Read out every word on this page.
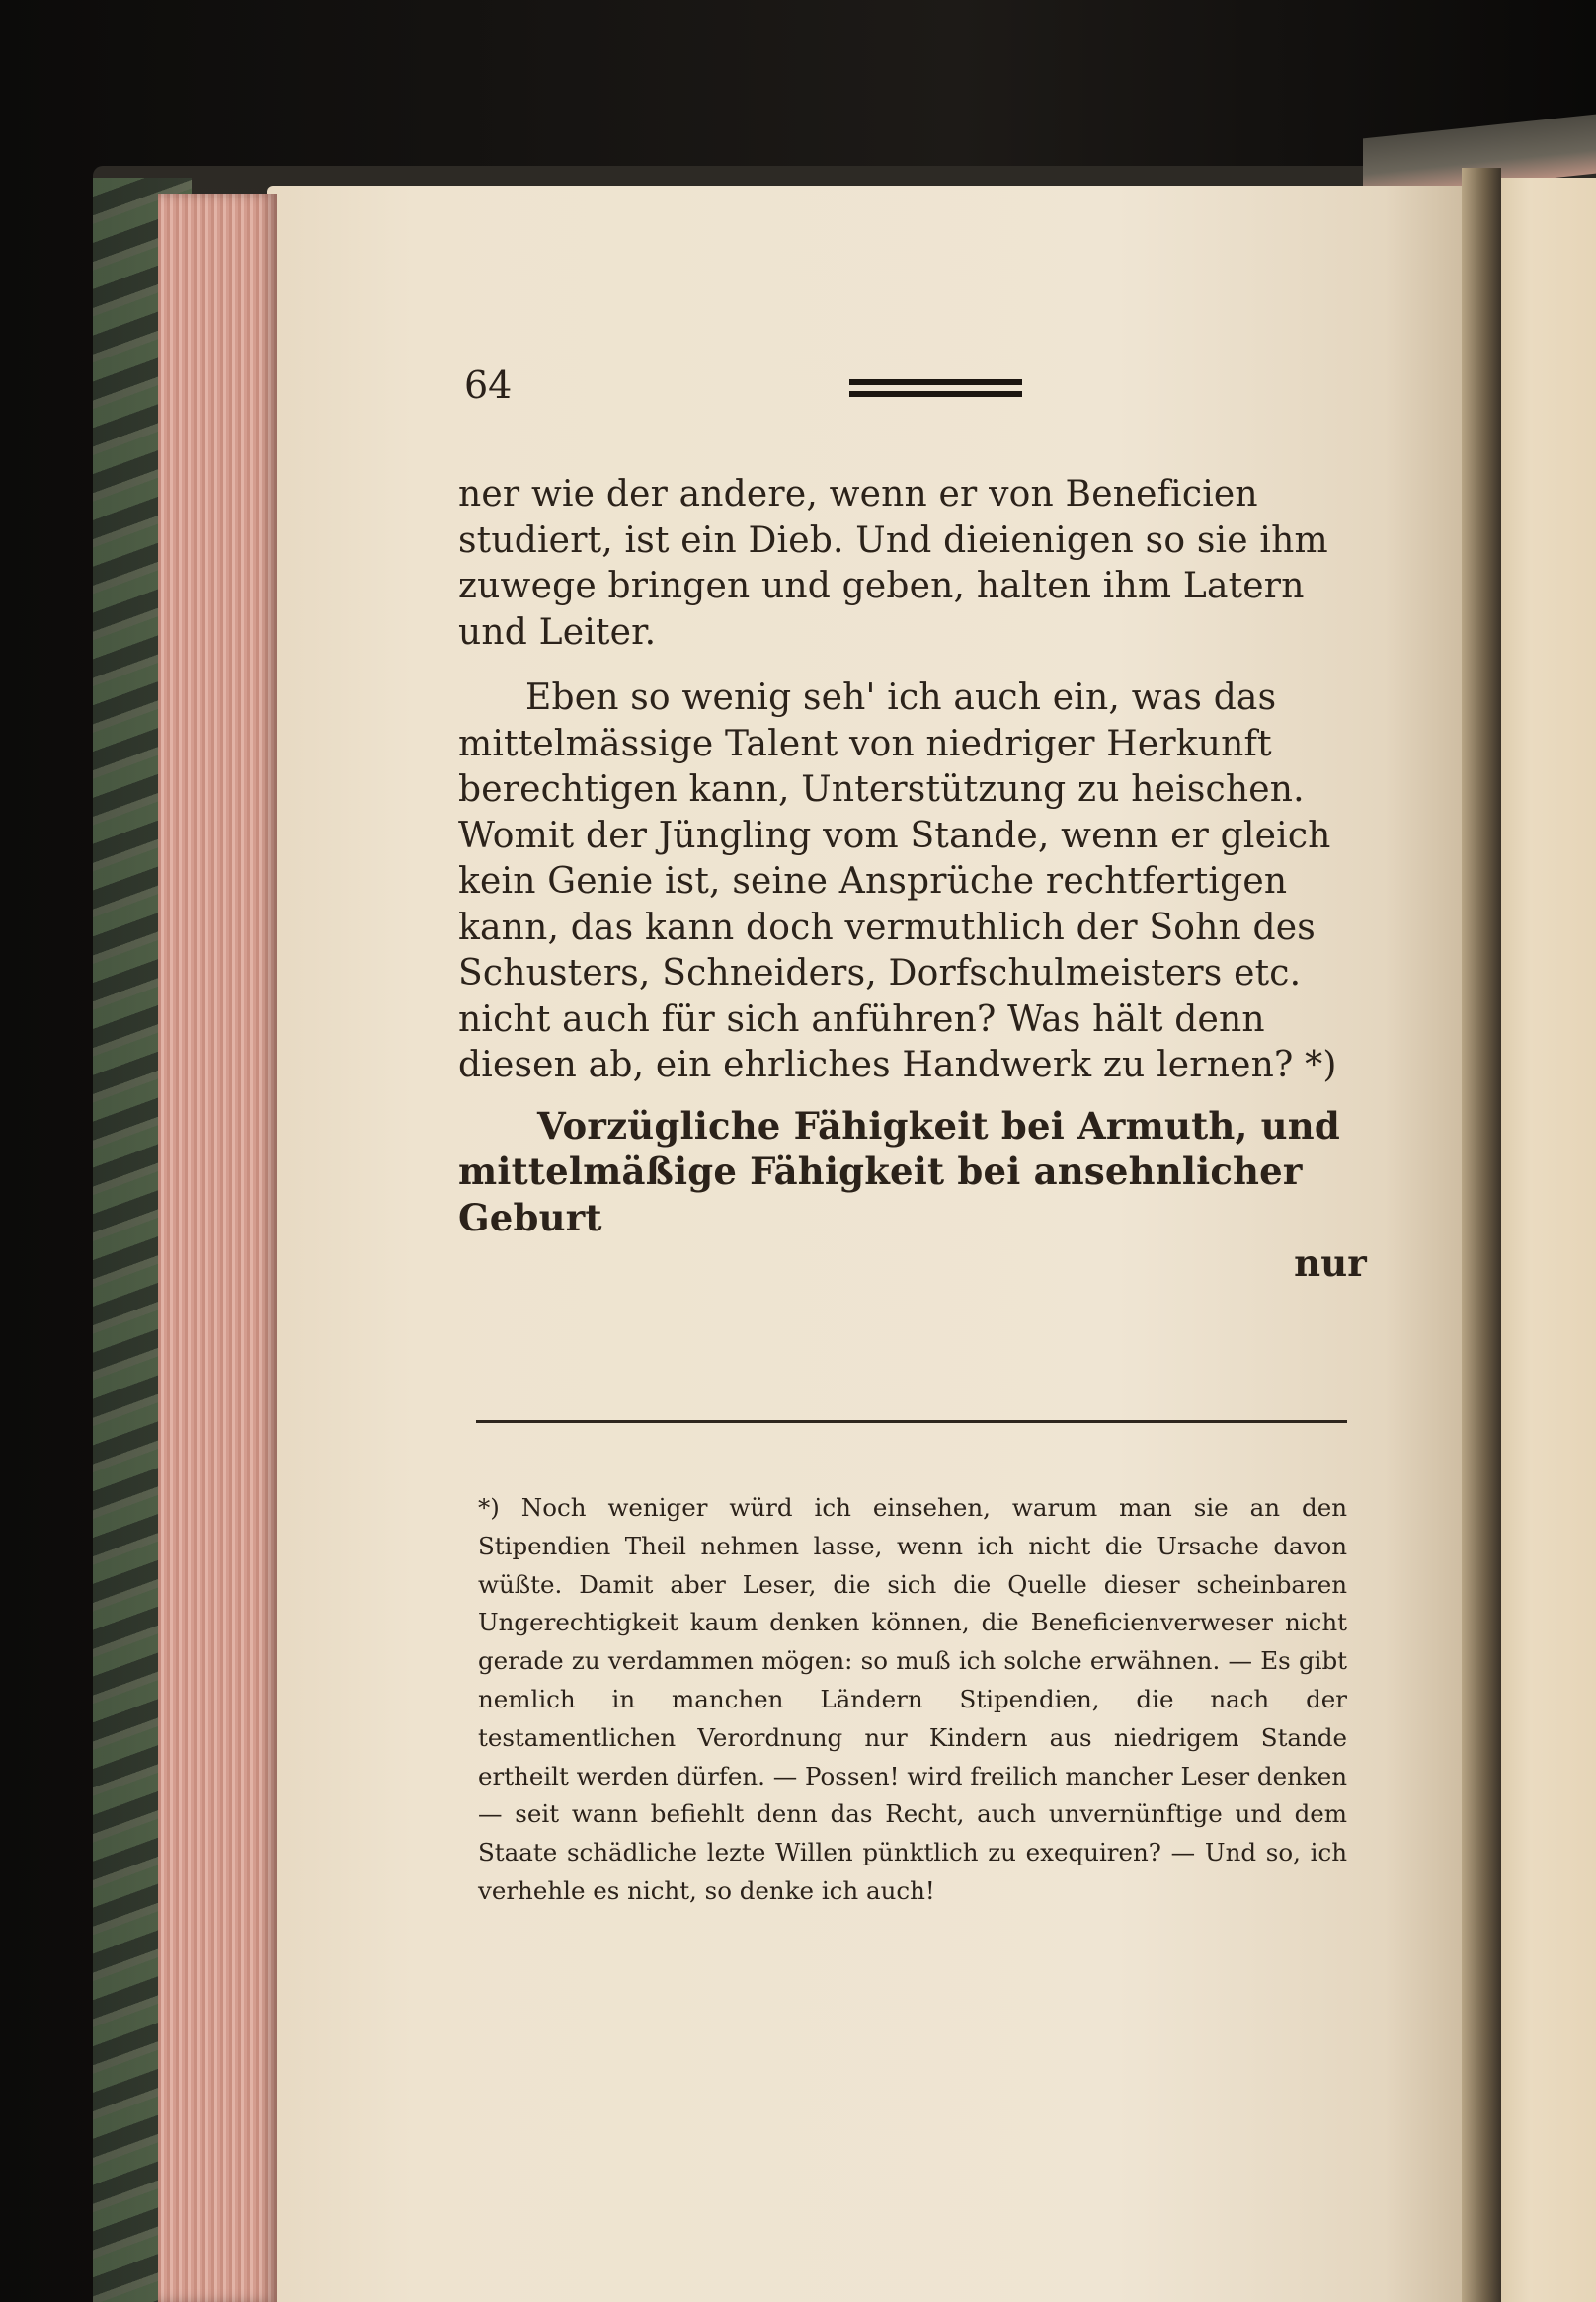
64

ner wie der andere, wenn er von Beneficien studiert, ist ein Dieb. Und dieienigen so sie ihm zuwege bringen und geben, halten ihm Latern und Leiter.

Eben so wenig seh' ich auch ein, was das mittelmässige Talent von niedriger Herkunft berechtigen kann, Unterstützung zu heischen. Womit der Jüngling vom Stande, wenn er gleich kein Genie ist, seine Ansprüche rechtfertigen kann, das kann doch vermuthlich der Sohn des Schusters, Schneiders, Dorfschulmeisters etc. nicht auch für sich anführen? Was hält denn diesen ab, ein ehrliches Handwerk zu lernen? *)

Vorzügliche Fähigkeit bei Armuth, und mittelmäßige Fähigkeit bei ansehnlicher Geburt

nur

*) Noch weniger würd ich einsehen, warum man sie an den Stipendien Theil nehmen lasse, wenn ich nicht die Ursache davon wüßte. Damit aber Leser, die sich die Quelle dieser scheinbaren Ungerechtigkeit kaum denken können, die Beneficienverweser nicht gerade zu verdammen mögen: so muß ich solche erwähnen. — Es gibt nemlich in manchen Ländern Stipendien, die nach der testamentlichen Verordnung nur Kindern aus niedrigem Stande ertheilt werden dürfen. — Possen! wird freilich mancher Leser denken — seit wann befiehlt denn das Recht, auch unvernünftige und dem Staate schädliche lezte Willen pünktlich zu exequiren? — Und so, ich verhehle es nicht, so denke ich auch!
